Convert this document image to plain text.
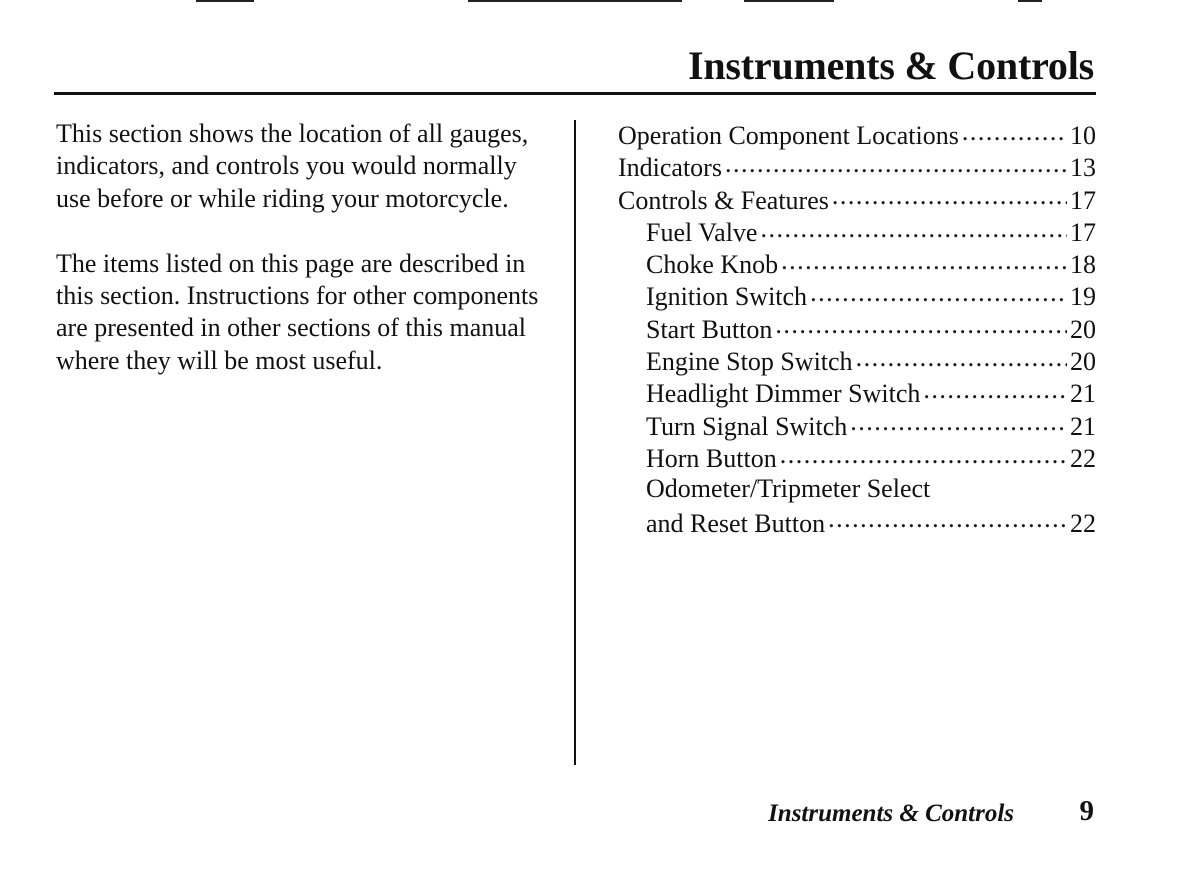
Instruments & Controls

This section shows the location of all gauges, indicators, and controls you would normally use before or while riding your motorcycle.

The items listed on this page are described in this section. Instructions for other components are presented in other sections of this manual where they will be most useful.

Operation Component Locations .....	10
Indicators .....	13
Controls & Features .....	17
Fuel Valve .....	17
Choke Knob .....	18
Ignition Switch .....	19
Start Button .....	20
Engine Stop Switch .....	20
Headlight Dimmer Switch .....	21
Turn Signal Switch .....	21
Horn Button .....	22
Odometer/Tripmeter Select
and Reset Button .....	22
Instruments & Controls 9
